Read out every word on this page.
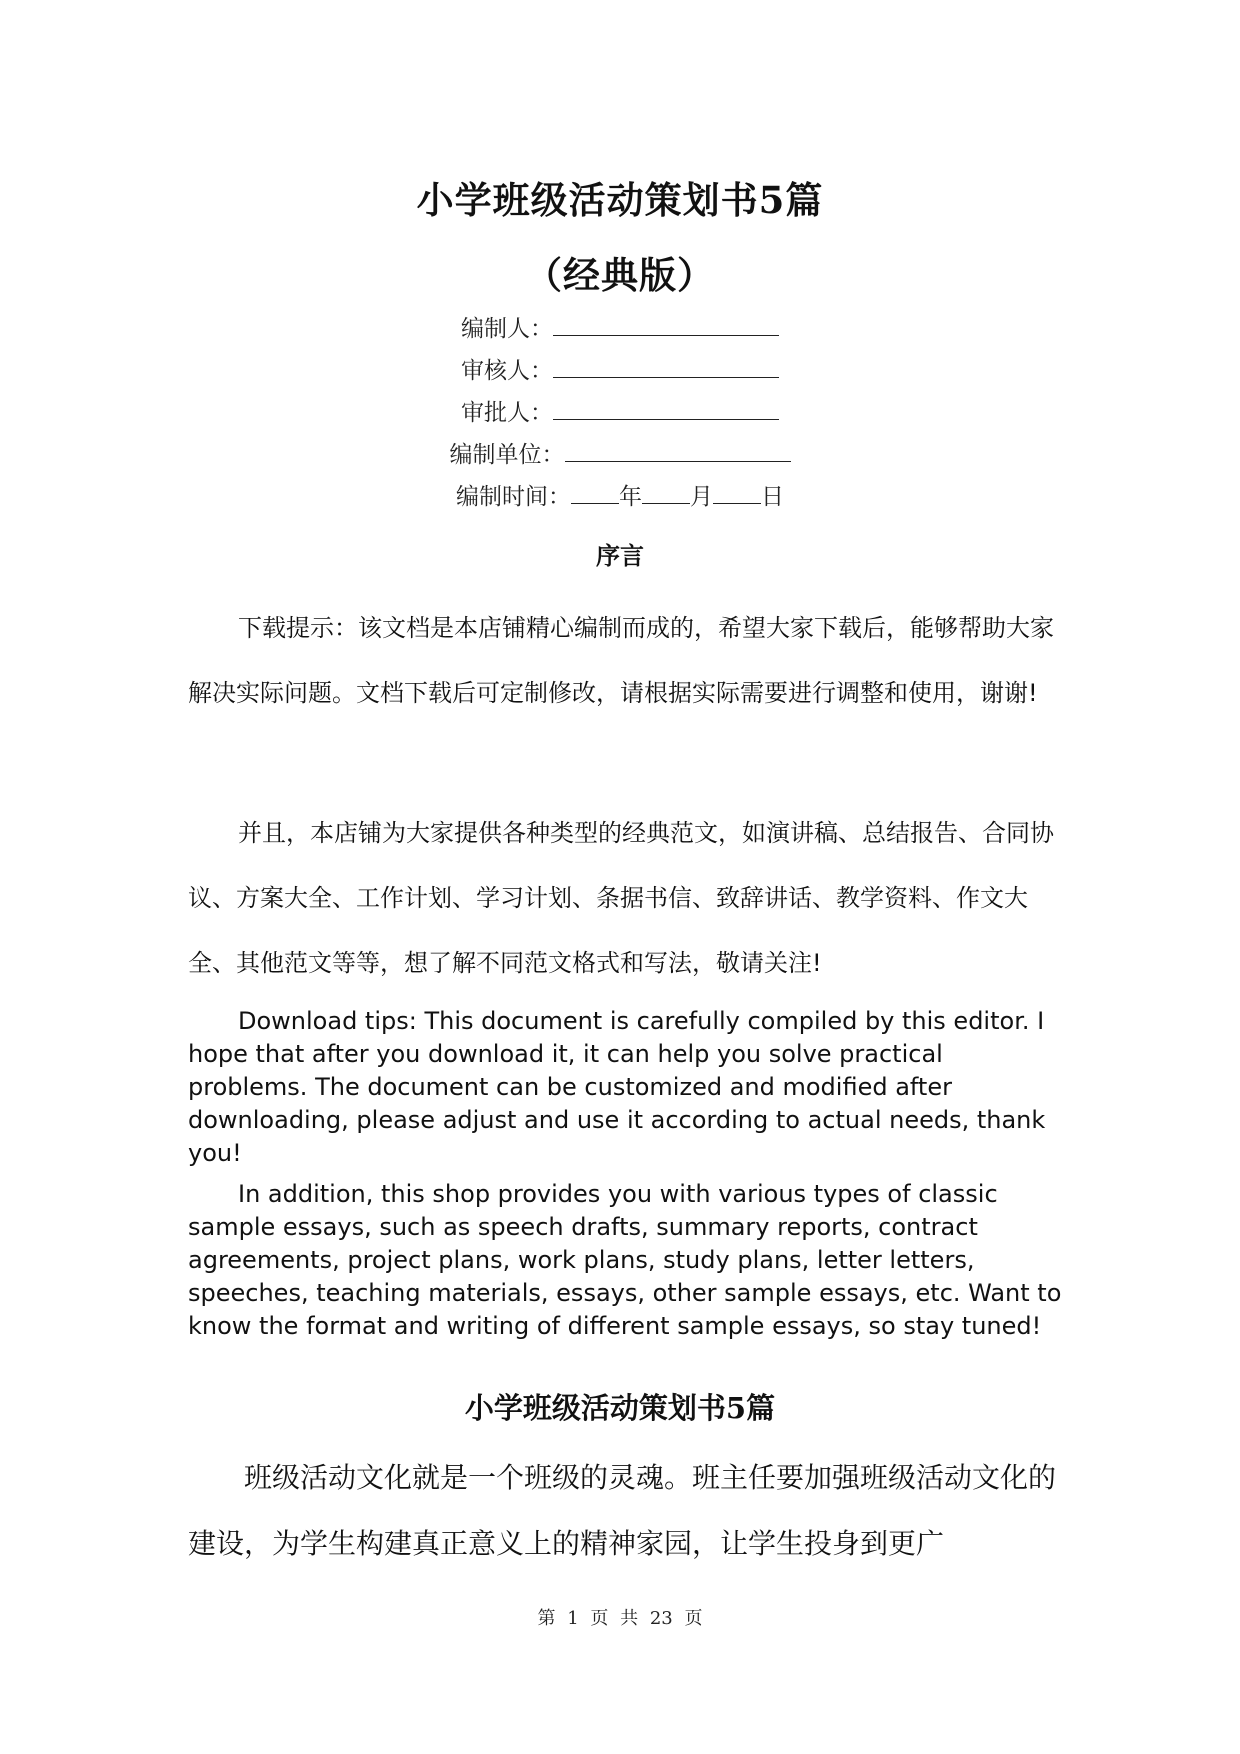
小学班级活动策划书5篇
（经典版）
编制人：
审核人：
审批人：
编制单位：
编制时间： 年 月 日
序言

下载提示：该文档是本店铺精心编制而成的，希望大家下载后，能够帮助大家解决实际问题。文档下载后可定制修改，请根据实际需要进行调整和使用，谢谢!

并且，本店铺为大家提供各种类型的经典范文，如演讲稿、总结报告、合同协议、方案大全、工作计划、学习计划、条据书信、致辞讲话、教学资料、作文大全、其他范文等等，想了解不同范文格式和写法，敬请关注!

Download tips: This document is carefully compiled by this editor. I hope that after you download it, it can help you solve practical problems. The document can be customized and modified after downloading, please adjust and use it according to actual needs, thank you!

In addition, this shop provides you with various types of classic sample essays, such as speech drafts, summary reports, contract agreements, project plans, work plans, study plans, letter letters, speeches, teaching materials, essays, other sample essays, etc. Want to know the format and writing of different sample essays, so stay tuned!

小学班级活动策划书5篇

班级活动文化就是一个班级的灵魂。班主任要加强班级活动文化的建设，为学生构建真正意义上的精神家园，让学生投身到更广

第 1 页 共 23 页
